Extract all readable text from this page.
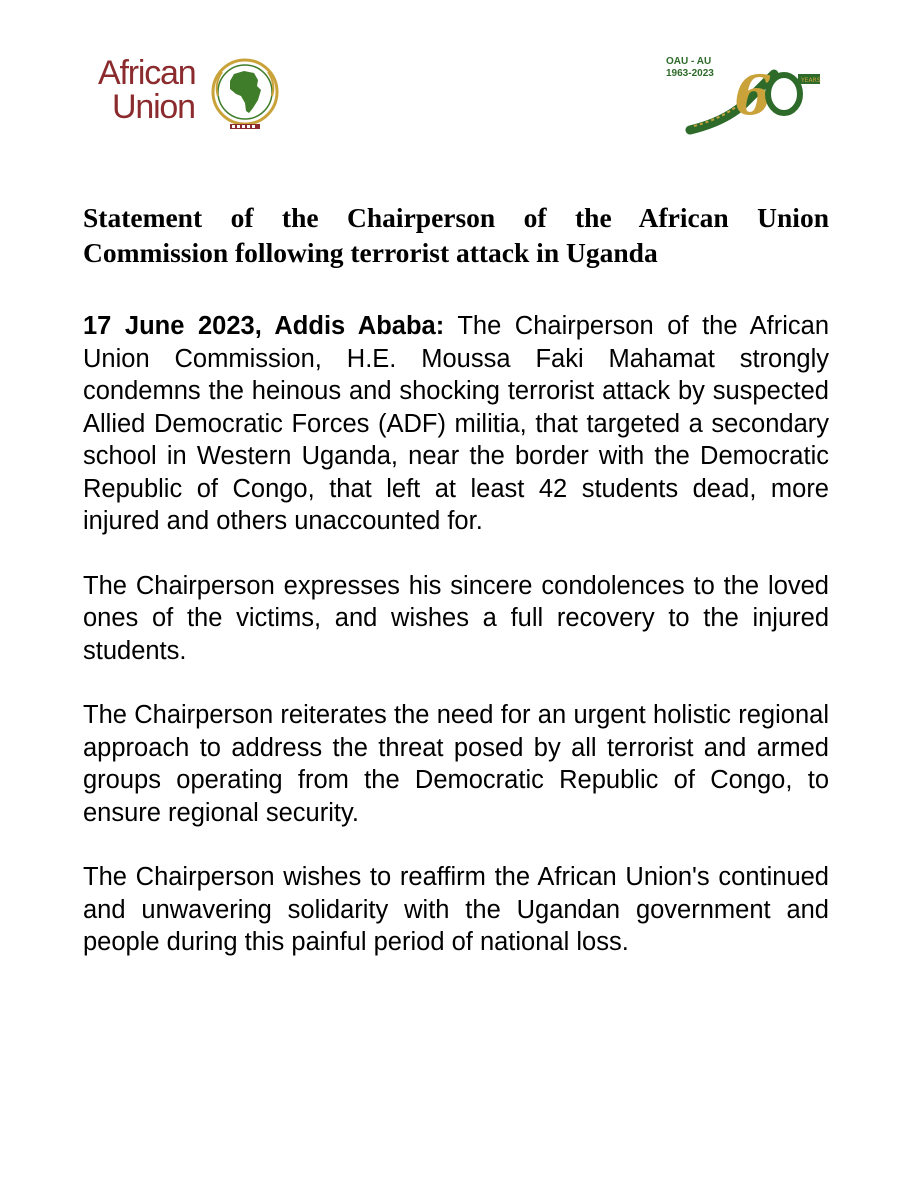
African
Union	6	YEARS
OAU - AU
1963-2023
Statement of the Chairperson of the African Union Commission following terrorist attack in Uganda

17 June 2023, Addis Ababa: The Chairperson of the African Union Commission, H.E. Moussa Faki Mahamat strongly condemns the heinous and shocking terrorist attack by suspected Allied Democratic Forces (ADF) militia, that targeted a secondary school in Western Uganda, near the border with the Democratic Republic of Congo, that left at least 42 students dead, more injured and others unaccounted for.

The Chairperson expresses his sincere condolences to the loved ones of the victims, and wishes a full recovery to the injured students.

The Chairperson reiterates the need for an urgent holistic regional approach to address the threat posed by all terrorist and armed groups operating from the Democratic Republic of Congo, to ensure regional security.

The Chairperson wishes to reaffirm the African Union's continued and unwavering solidarity with the Ugandan government and people during this painful period of national loss.
